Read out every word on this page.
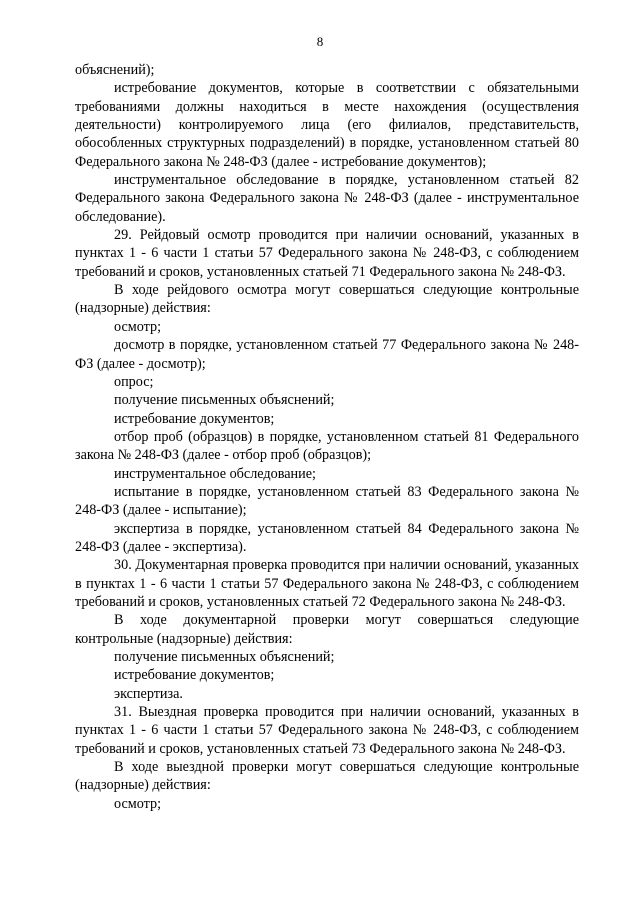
8

объяснений);

истребование документов, которые в соответствии с обязательными требованиями должны находиться в месте нахождения (осуществления деятельности) контролируемого лица (его филиалов, представительств, обособленных структурных подразделений) в порядке, установленном статьей 80 Федерального закона № 248-ФЗ (далее - истребование документов);

инструментальное обследование в порядке, установленном статьей 82 Федерального закона Федерального закона № 248-ФЗ (далее - инструментальное обследование).

29. Рейдовый осмотр проводится при наличии оснований, указанных в пунктах 1 - 6 части 1 статьи 57 Федерального закона № 248-ФЗ, с соблюдением требований и сроков, установленных статьей 71 Федерального закона № 248-ФЗ.

В ходе рейдового осмотра могут совершаться следующие контрольные (надзорные) действия:

осмотр;

досмотр в порядке, установленном статьей 77 Федерального закона № 248-ФЗ (далее - досмотр);

опрос;

получение письменных объяснений;

истребование документов;

отбор проб (образцов) в порядке, установленном статьей 81 Федерального закона № 248-ФЗ (далее - отбор проб (образцов);

инструментальное обследование;

испытание в порядке, установленном статьей 83 Федерального закона № 248-ФЗ (далее - испытание);

экспертиза в порядке, установленном статьей 84 Федерального закона № 248-ФЗ (далее - экспертиза).

30. Документарная проверка проводится при наличии оснований, указанных в пунктах 1 - 6 части 1 статьи 57 Федерального закона № 248-ФЗ, с соблюдением требований и сроков, установленных статьей 72 Федерального закона № 248-ФЗ.

В ходе документарной проверки могут совершаться следующие контрольные (надзорные) действия:

получение письменных объяснений;

истребование документов;

экспертиза.

31. Выездная проверка проводится при наличии оснований, указанных в пунктах 1 - 6 части 1 статьи 57 Федерального закона № 248-ФЗ, с соблюдением требований и сроков, установленных статьей 73 Федерального закона № 248-ФЗ.

В ходе выездной проверки могут совершаться следующие контрольные (надзорные) действия:

осмотр;
